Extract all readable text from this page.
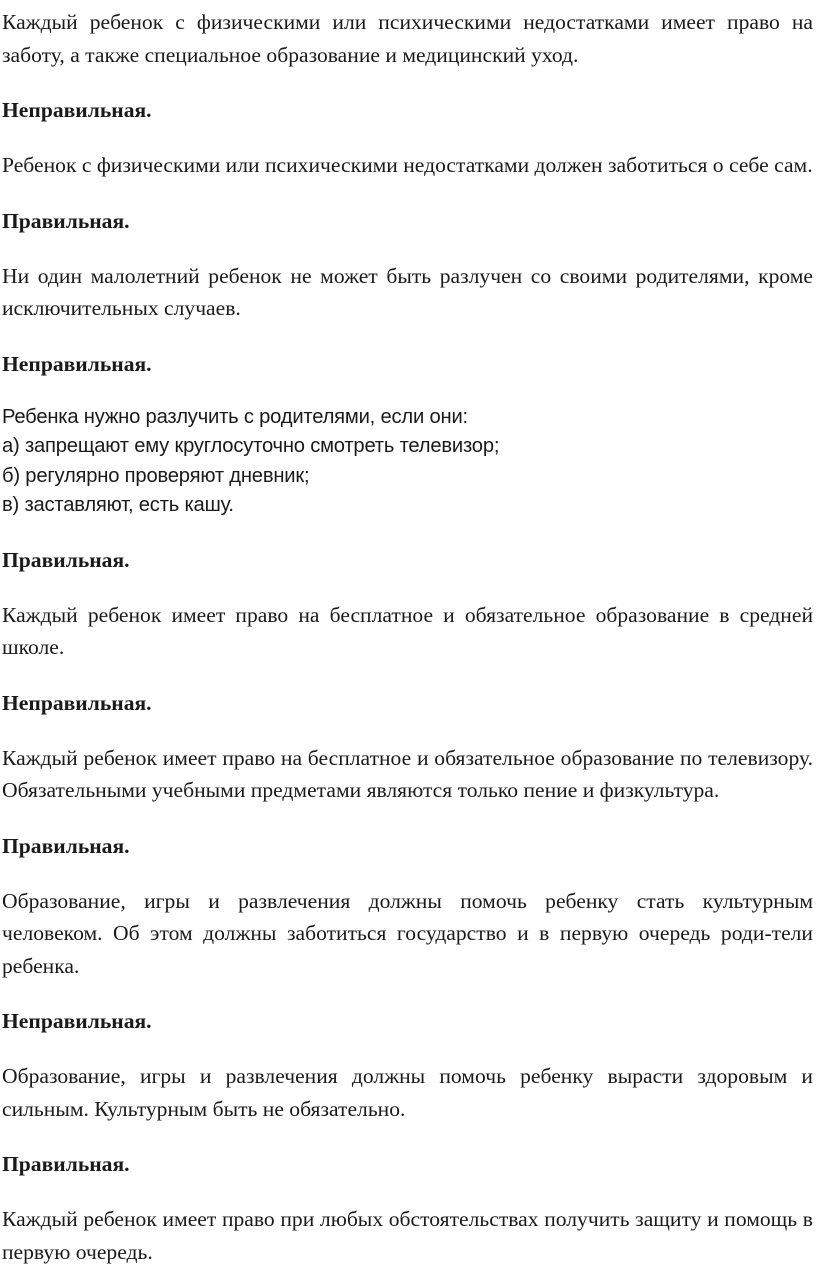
Каждый ребенок с физическими или психическими недостатками имеет право на заботу, а также специальное образование и медицинский уход.

Неправильная.

Ребенок с физическими или психическими недостатками должен заботиться о себе сам.

Правильная.

Ни один малолетний ребенок не может быть разлучен со своими родителями, кроме исключительных случаев.

Неправильная.
Ребенка нужно разлучить с родителями, если они:
а) запрещают ему круглосуточно смотреть телевизор;
б) регулярно проверяют дневник;
в) заставляют, есть кашу.
Правильная.

Каждый ребенок имеет право на бесплатное и обязательное образование в средней школе.

Неправильная.

Каждый ребенок имеет право на бесплатное и обязательное образование по телевизору. Обязательными учебными предметами являются только пение и физкультура.

Правильная.

Образование, игры и развлечения должны помочь ребенку стать культурным человеком. Об этом должны заботиться государство и в первую очередь роди-тели ребенка.

Неправильная.

Образование, игры и развлечения должны помочь ребенку вырасти здоровым и сильным. Культурным быть не обязательно.

Правильная.

Каждый ребенок имеет право при любых обстоятельствах получить защиту и помощь в первую очередь.
